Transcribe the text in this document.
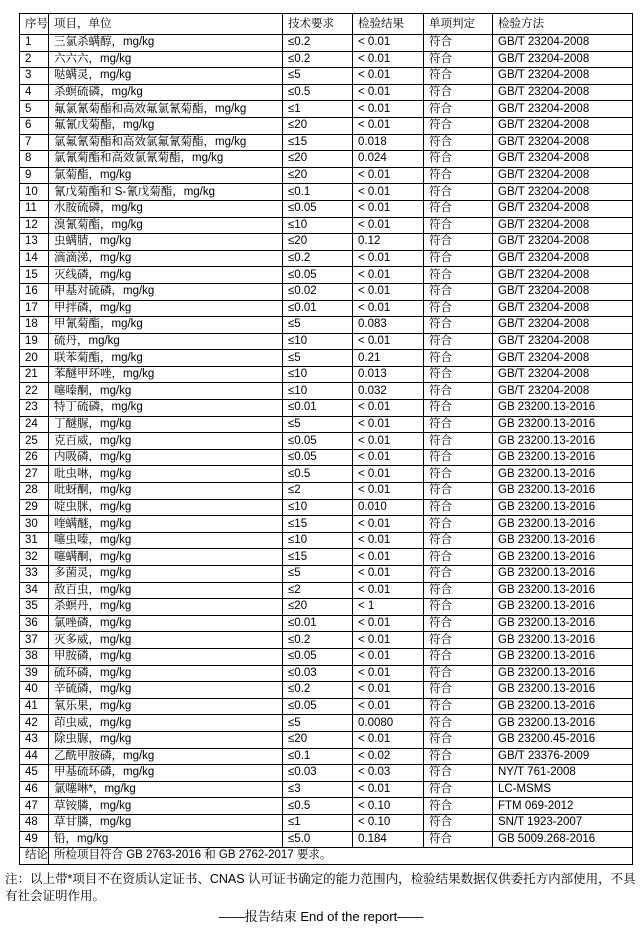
序号	项目，单位	技术要求	检验结果	单项判定	检验方法
1	三氯杀螨醇，mg/kg	≤0.2	< 0.01	符合	GB/T 23204-2008
2	六六六，mg/kg	≤0.2	< 0.01	符合	GB/T 23204-2008
3	哒螨灵，mg/kg	≤5	< 0.01	符合	GB/T 23204-2008
4	杀螟硫磷，mg/kg	≤0.5	< 0.01	符合	GB/T 23204-2008
5	氟氯氰菊酯和高效氟氯氰菊酯，mg/kg	≤1	< 0.01	符合	GB/T 23204-2008
6	氟氰戊菊酯，mg/kg	≤20	< 0.01	符合	GB/T 23204-2008
7	氯氟氰菊酯和高效氯氟氰菊酯，mg/kg	≤15	0.018	符合	GB/T 23204-2008
8	氯氰菊酯和高效氯氰菊酯，mg/kg	≤20	0.024	符合	GB/T 23204-2008
9	氯菊酯，mg/kg	≤20	< 0.01	符合	GB/T 23204-2008
10	氰戊菊酯和 S-氰戊菊酯，mg/kg	≤0.1	< 0.01	符合	GB/T 23204-2008
11	水胺硫磷，mg/kg	≤0.05	< 0.01	符合	GB/T 23204-2008
12	溴氰菊酯，mg/kg	≤10	< 0.01	符合	GB/T 23204-2008
13	虫螨腈，mg/kg	≤20	0.12	符合	GB/T 23204-2008
14	滴滴涕，mg/kg	≤0.2	< 0.01	符合	GB/T 23204-2008
15	灭线磷，mg/kg	≤0.05	< 0.01	符合	GB/T 23204-2008
16	甲基对硫磷，mg/kg	≤0.02	< 0.01	符合	GB/T 23204-2008
17	甲拌磷，mg/kg	≤0.01	< 0.01	符合	GB/T 23204-2008
18	甲氰菊酯，mg/kg	≤5	0.083	符合	GB/T 23204-2008
19	硫丹，mg/kg	≤10	< 0.01	符合	GB/T 23204-2008
20	联苯菊酯，mg/kg	≤5	0.21	符合	GB/T 23204-2008
21	苯醚甲环唑，mg/kg	≤10	0.013	符合	GB/T 23204-2008
22	噻嗪酮，mg/kg	≤10	0.032	符合	GB/T 23204-2008
23	特丁硫磷，mg/kg	≤0.01	< 0.01	符合	GB 23200.13-2016
24	丁醚脲，mg/kg	≤5	< 0.01	符合	GB 23200.13-2016
25	克百威，mg/kg	≤0.05	< 0.01	符合	GB 23200.13-2016
26	内吸磷，mg/kg	≤0.05	< 0.01	符合	GB 23200.13-2016
27	吡虫啉，mg/kg	≤0.5	< 0.01	符合	GB 23200.13-2016
28	吡蚜酮，mg/kg	≤2	< 0.01	符合	GB 23200.13-2016
29	啶虫脒，mg/kg	≤10	0.010	符合	GB 23200.13-2016
30	喹螨醚，mg/kg	≤15	< 0.01	符合	GB 23200.13-2016
31	噻虫嗪，mg/kg	≤10	< 0.01	符合	GB 23200.13-2016
32	噻螨酮，mg/kg	≤15	< 0.01	符合	GB 23200.13-2016
33	多菌灵，mg/kg	≤5	< 0.01	符合	GB 23200.13-2016
34	敌百虫，mg/kg	≤2	< 0.01	符合	GB 23200.13-2016
35	杀螟丹，mg/kg	≤20	< 1	符合	GB 23200.13-2016
36	氯唑磷，mg/kg	≤0.01	< 0.01	符合	GB 23200.13-2016
37	灭多威，mg/kg	≤0.2	< 0.01	符合	GB 23200.13-2016
38	甲胺磷，mg/kg	≤0.05	< 0.01	符合	GB 23200.13-2016
39	硫环磷，mg/kg	≤0.03	< 0.01	符合	GB 23200.13-2016
40	辛硫磷，mg/kg	≤0.2	< 0.01	符合	GB 23200.13-2016
41	氧乐果，mg/kg	≤0.05	< 0.01	符合	GB 23200.13-2016
42	茚虫威，mg/kg	≤5	0.0080	符合	GB 23200.13-2016
43	除虫脲，mg/kg	≤20	< 0.01	符合	GB 23200.45-2016
44	乙酰甲胺磷，mg/kg	≤0.1	< 0.02	符合	GB/T 23376-2009
45	甲基硫环磷，mg/kg	≤0.03	< 0.03	符合	NY/T 761-2008
46	氯噻啉*，mg/kg	≤3	< 0.01	符合	LC-MSMS
47	草铵膦，mg/kg	≤0.5	< 0.10	符合	FTM 069-2012
48	草甘膦，mg/kg	≤1	< 0.10	符合	SN/T 1923-2007
49	铅，mg/kg	≤5.0	0.184	符合	GB 5009.268-2016
结论	所检项目符合 GB 2763-2016 和 GB 2762-2017 要求。				
注：以上带*项目不在资质认定证书、CNAS 认可证书确定的能力范围内，检验结果数据仅供委托方内部使用，不具有社会证明作用。
——报告结束 End of the report——
